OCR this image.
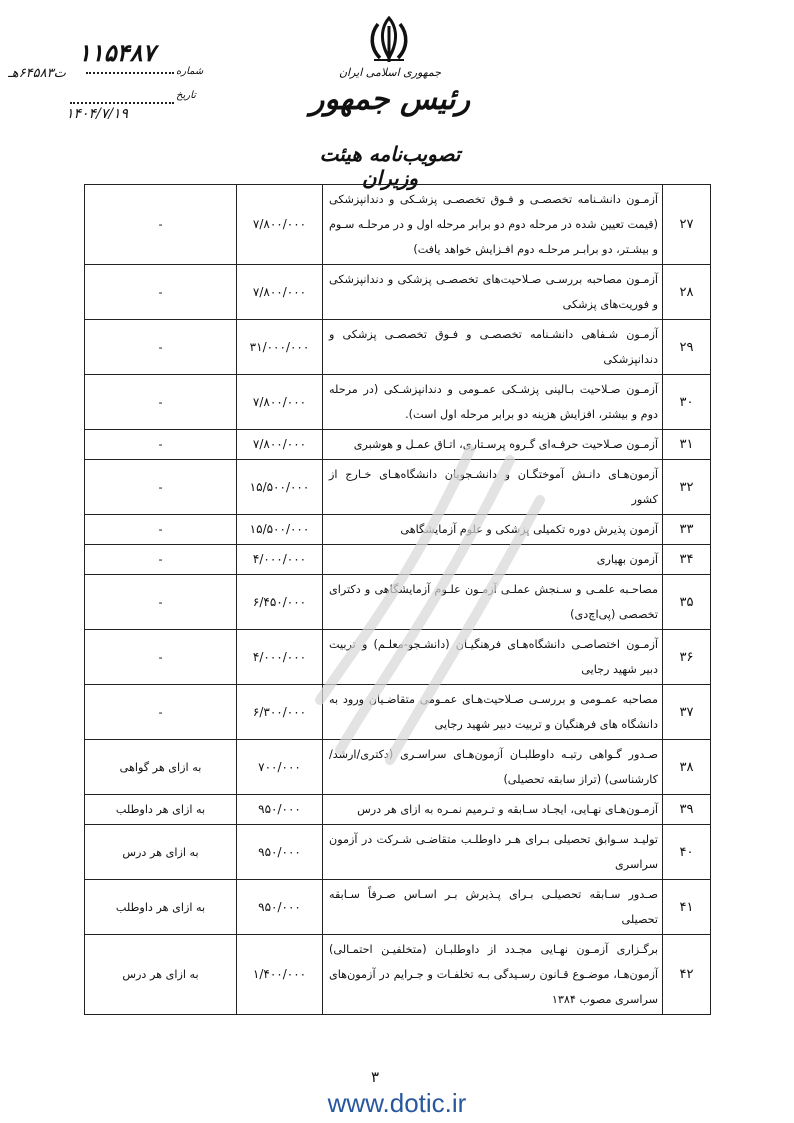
جمهوری اسلامی ایران
رئیس جمهور
تصویب‌نامه هیئت وزیران
۱۱۵۴۸۷
ت۶۴۵۸۳هـ	شماره
تاریخ
۱۴۰۴/۷/۱۹
۲۷	آزمـون دانشـنامه تخصصـی و فـوق تخصصـی پزشـکی و دندانپزشکی (قیمت تعیین شده در مرحله دوم دو برابر مرحله اول و در مرحلـه سـوم و بیشـتر، دو برابـر مرحلـه دوم افـزایش خواهد یافت)	۷/۸۰۰/۰۰۰	-
۲۸	آزمـون مصاحبه بررسـی صـلاحیت‌های تخصصـی پزشکی و دندانپزشکی و فوریت‌های پزشکی	۷/۸۰۰/۰۰۰	-
۲۹	آزمـون شـفاهی دانشـنامه تخصصـی و فـوق تخصصـی پزشکی و دندانپزشکی	۳۱/۰۰۰/۰۰۰	-
۳۰	آزمـون صـلاحیت بـالینی پزشـکی عمـومی و دندانپزشـکی (در مرحله دوم و بیشتر، افزایش هزینه دو برابر مرحله اول است).	۷/۸۰۰/۰۰۰	-
۳۱	آزمـون صـلاحیت حرفـه‌ای گـروه پرسـتاری، اتـاق عمـل و هوشبری	۷/۸۰۰/۰۰۰	-
۳۲	آزمون‌هـای دانـش آموختگـان و دانشـجویان دانشگاه‌هـای خـارج از کشور	۱۵/۵۰۰/۰۰۰	-
۳۳	آزمون پذیرش دوره تکمیلی پزشکی و علوم آزمایشگاهی	۱۵/۵۰۰/۰۰۰	-
۳۴	آزمون بهیاری	۴/۰۰۰/۰۰۰	-
۳۵	مصاحـبه علمـی و سـنجش عملـی آزمـون علـوم آزمایشگاهی و دکترای تخصصی (پی‌اچ‌دی)	۶/۴۵۰/۰۰۰	-
۳۶	آزمـون اختصاصـی دانشگاه‌هـای فرهنگیـان (دانشـجو-معلـم) و تربیت دبیر شهید رجایی	۴/۰۰۰/۰۰۰	-
۳۷	مصاحبه عمـومی و بررسـی صـلاحیت‌هـای عمـومی متقاضـیان ورود به دانشگاه های فرهنگیان و تربیت دبیر شهید رجایی	۶/۳۰۰/۰۰۰	-
۳۸	صـدور گـواهی رتبـه داوطلبـان آزمون‌هـای سراسـری (دکتری/ارشد/کارشناسی) (تراز سابقه تحصیلی)	۷۰۰/۰۰۰	به ازای هر گواهی
۳۹	آزمـون‌هـای نهـایی، ایجـاد سـابقه و تـرمیم نمـره به ازای هر درس	۹۵۰/۰۰۰	به ازای هر داوطلب
۴۰	تولیـد سـوابق تحصیلی بـرای هـر داوطلـب متقاضـی شـرکت در آزمون سراسری	۹۵۰/۰۰۰	به ازای هر درس
۴۱	صـدور سـابقه تحصیلـی بـرای پـذیرش بـر اسـاس صـرفاً سـابقه تحصیلی	۹۵۰/۰۰۰	به ازای هر داوطلب
۴۲	برگـزاری آزمـون نهـایی مجـدد از داوطلبـان (متخلفیـن احتمـالی) آزمون‌هـا، موضـوع قـانون رسـیدگی بـه تخلفـات و جـرایم در آزمون‌های سراسری مصوب ۱۳۸۴	۱/۴۰۰/۰۰۰	به ازای هر درس
۳
www.dotic.ir
